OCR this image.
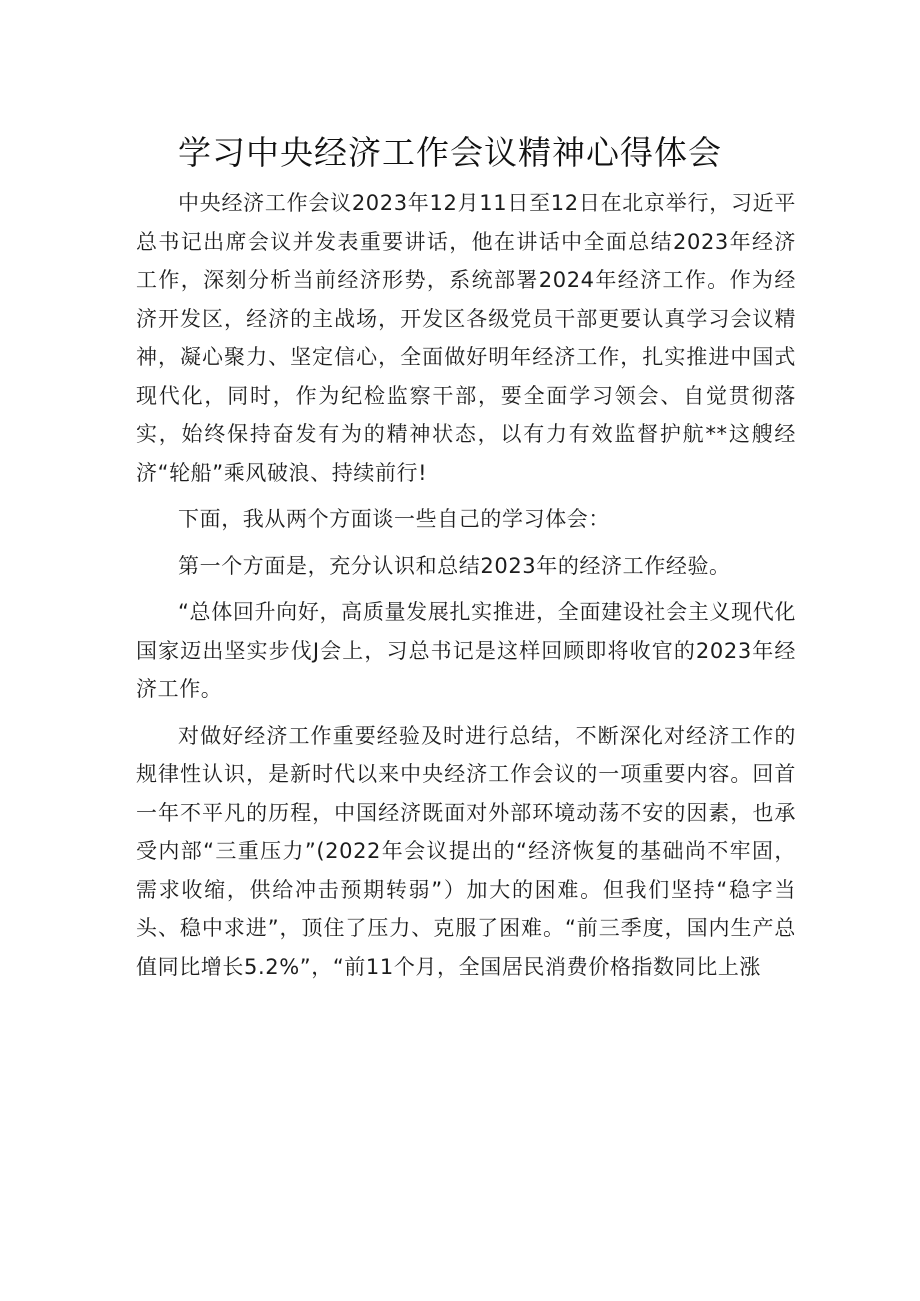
学习中央经济工作会议精神心得体会

中央经济工作会议2023年12月11日至12日在北京举行，习近平总书记出席会议并发表重要讲话，他在讲话中全面总结2023年经济工作，深刻分析当前经济形势，系统部署2024年经济工作。作为经济开发区，经济的主战场，开发区各级党员干部更要认真学习会议精神，凝心聚力、坚定信心，全面做好明年经济工作，扎实推进中国式现代化，同时，作为纪检监察干部，要全面学习领会、自觉贯彻落实，始终保持奋发有为的精神状态，以有力有效监督护航**这艘经济“轮船”乘风破浪、持续前行!

下面，我从两个方面谈一些自己的学习体会：

第一个方面是，充分认识和总结2023年的经济工作经验。

“总体回升向好，高质量发展扎实推进，全面建设社会主义现代化国家迈出坚实步伐J会上，习总书记是这样回顾即将收官的2023年经济工作。

对做好经济工作重要经验及时进行总结，不断深化对经济工作的规律性认识，是新时代以来中央经济工作会议的一项重要内容。回首一年不平凡的历程，中国经济既面对外部环境动荡不安的因素，也承受内部“三重压力”(2022年会议提出的“经济恢复的基础尚不牢固，需求收缩，供给冲击预期转弱”）加大的困难。但我们坚持“稳字当头、稳中求进”，顶住了压力、克服了困难。“前三季度，国内生产总值同比增长5.2%”，“前11个月，全国居民消费价格指数同比上涨
